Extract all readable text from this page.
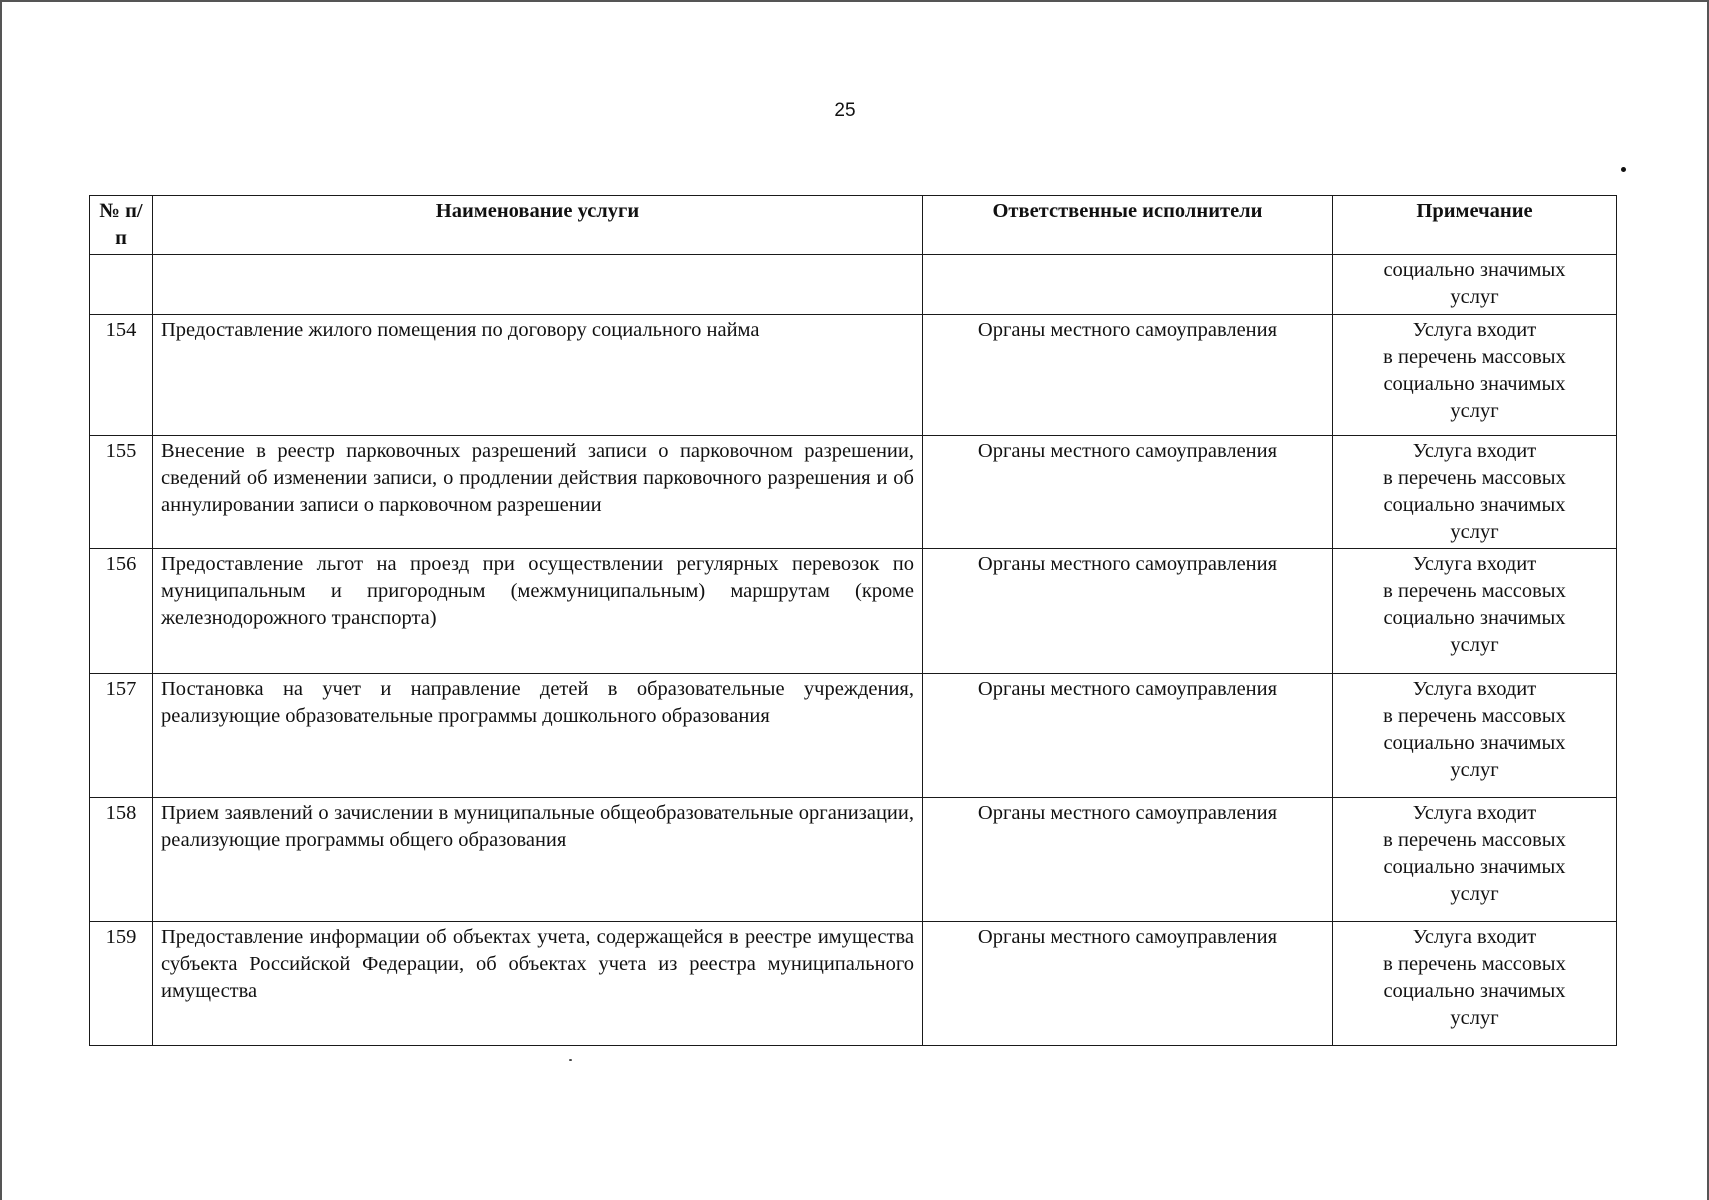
25
№ п/п	Наименование услуги	Ответственные исполнители	Примечание

			социально значимых
услуг

154	Предоставление жилого помещения по договору социального найма	Органы местного самоуправления	Услуга входит
в перечень массовых
социально значимых
услуг

155	Внесение в реестр парковочных разрешений записи о парковочном разрешении, сведений об изменении записи, о продлении действия парковочного разрешения и об аннулировании записи о парковочном разрешении	Органы местного самоуправления	Услуга входит
в перечень массовых
социально значимых
услуг

156	Предоставление льгот на проезд при осуществлении регулярных перевозок по муниципальным и пригородным (межмуниципальным) маршрутам (кроме железнодорожного транспорта)	Органы местного самоуправления	Услуга входит
в перечень массовых
социально значимых
услуг

157	Постановка на учет и направление детей в образовательные учреждения, реализующие образовательные программы дошкольного образования	Органы местного самоуправления	Услуга входит
в перечень массовых
социально значимых
услуг

158	Прием заявлений о зачислении в муниципальные общеобразовательные организации, реализующие программы общего образования	Органы местного самоуправления	Услуга входит
в перечень массовых
социально значимых
услуг

159	Предоставление информации об объектах учета, содержащейся в реестре имущества субъекта Российской Федерации, об объектах учета из реестра муниципального имущества	Органы местного самоуправления	Услуга входит
в перечень массовых
социально значимых
услуг
